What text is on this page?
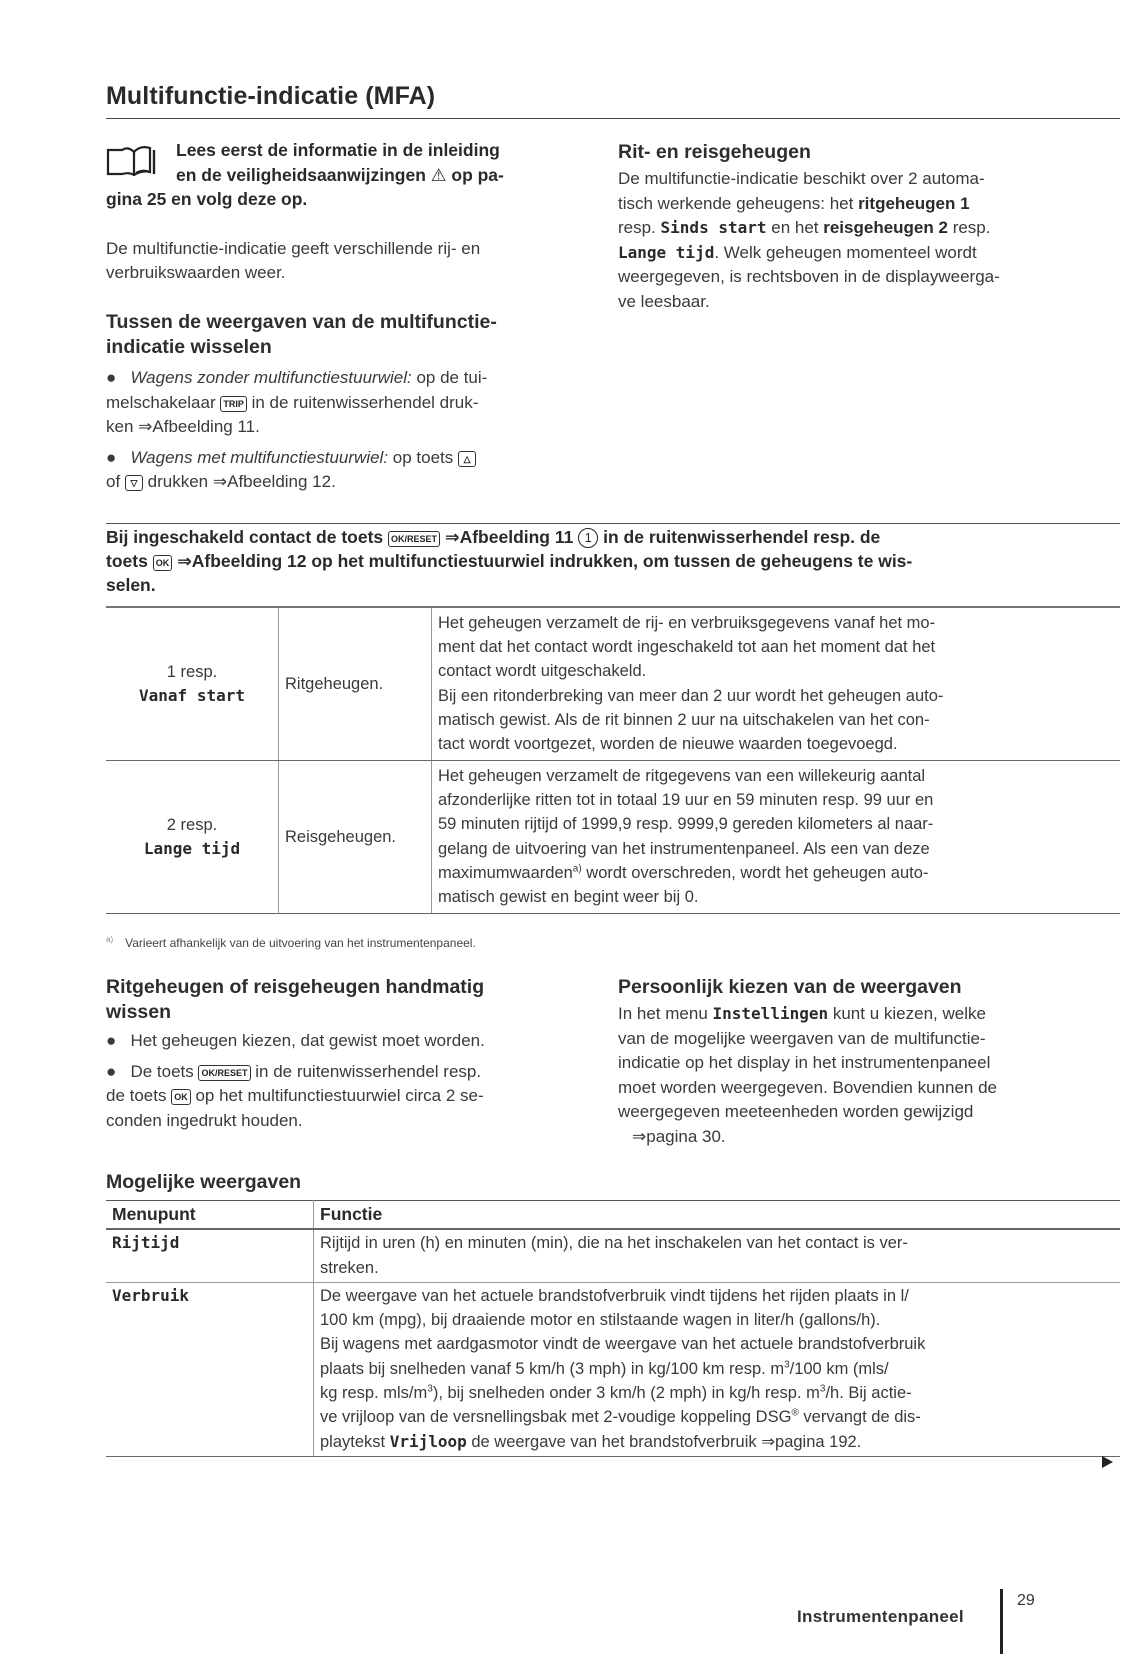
Multifunctie-indicatie (MFA)
Lees eerst de informatie in de inleiding
en de veiligheidsaanwijzingen ⚠ op pa-
gina 25 en volg deze op.
De multifunctie-indicatie geeft verschillende rij- en
verbruikswaarden weer.
Tussen de weergaven van de multifunctie-
indicatie wisselen
●   Wagens zonder multifunctiestuurwiel: op de tui-
melschakelaar TRIP in de ruitenwisserhendel druk-
ken ⇒Afbeelding 11.
●   Wagens met multifunctiestuurwiel: op toets △
of ▽ drukken ⇒Afbeelding 12.
Rit- en reisgeheugen
De multifunctie-indicatie beschikt over 2 automa-
tisch werkende geheugens: het ritgeheugen 1
resp. Sinds start en het reisgeheugen 2 resp.
Lange tijd. Welk geheugen momenteel wordt
weergegeven, is rechtsboven in de displayweerga-
ve leesbaar.
Bij ingeschakeld contact de toets OK/RESET ⇒Afbeelding 11 1 in de ruitenwisserhendel resp. de
toets OK ⇒Afbeelding 12 op het multifunctiestuurwiel indrukken, om tussen de geheugens te wis-
selen.
1 resp.
Vanaf start	Ritgeheugen.	Het geheugen verzamelt de rij- en verbruiksgegevens vanaf het mo-
ment dat het contact wordt ingeschakeld tot aan het moment dat het
contact wordt uitgeschakeld.
Bij een ritonderbreking van meer dan 2 uur wordt het geheugen auto-
matisch gewist. Als de rit binnen 2 uur na uitschakelen van het con-
tact wordt voortgezet, worden de nieuwe waarden toegevoegd.
2 resp.
Lange tijd	Reisgeheugen.	Het geheugen verzamelt de ritgegevens van een willekeurig aantal
afzonderlijke ritten tot in totaal 19 uur en 59 minuten resp. 99 uur en
59 minuten rijtijd of 1999,9 resp. 9999,9 gereden kilometers al naar-
gelang de uitvoering van het instrumentenpaneel. Als een van deze
maximumwaarden$^{a)}$ wordt overschreden, wordt het geheugen auto-
matisch gewist en begint weer bij 0.
$^{a)}$ Varieert afhankelijk van de uitvoering van het instrumentenpaneel.
Ritgeheugen of reisgeheugen handmatig
wissen
●   Het geheugen kiezen, dat gewist moet worden.
●   De toets OK/RESET in de ruitenwisserhendel resp.
de toets OK op het multifunctiestuurwiel circa 2 se-
conden ingedrukt houden.
Persoonlijk kiezen van de weergaven
In het menu Instellingen kunt u kiezen, welke
van de mogelijke weergaven van de multifunctie-
indicatie op het display in het instrumentenpaneel
moet worden weergegeven. Bovendien kunnen de
weergegeven meeteenheden worden gewijzigd
⇒pagina 30.
Mogelijke weergaven
Menupunt	Functie
Rijtijd	Rijtijd in uren (h) en minuten (min), die na het inschakelen van het contact is ver-
streken.
Verbruik	De weergave van het actuele brandstofverbruik vindt tijdens het rijden plaats in l/
100 km (mpg), bij draaiende motor en stilstaande wagen in liter/h (gallons/h).
Bij wagens met aardgasmotor vindt de weergave van het actuele brandstofverbruik
plaats bij snelheden vanaf 5 km/h (3 mph) in kg/100 km resp. $m^3/100$ km (mls/
kg resp. mls/$m^3$), bij snelheden onder 3 km/h (2 mph) in kg/h resp. $m^3/h$. Bij actie-
ve vrijloop van de versnellingsbak met 2-voudige koppeling DSG® vervangt de dis-
playtekst Vrijloop de weergave van het brandstofverbruik ⇒pagina 192.
Instrumentenpaneel
29
